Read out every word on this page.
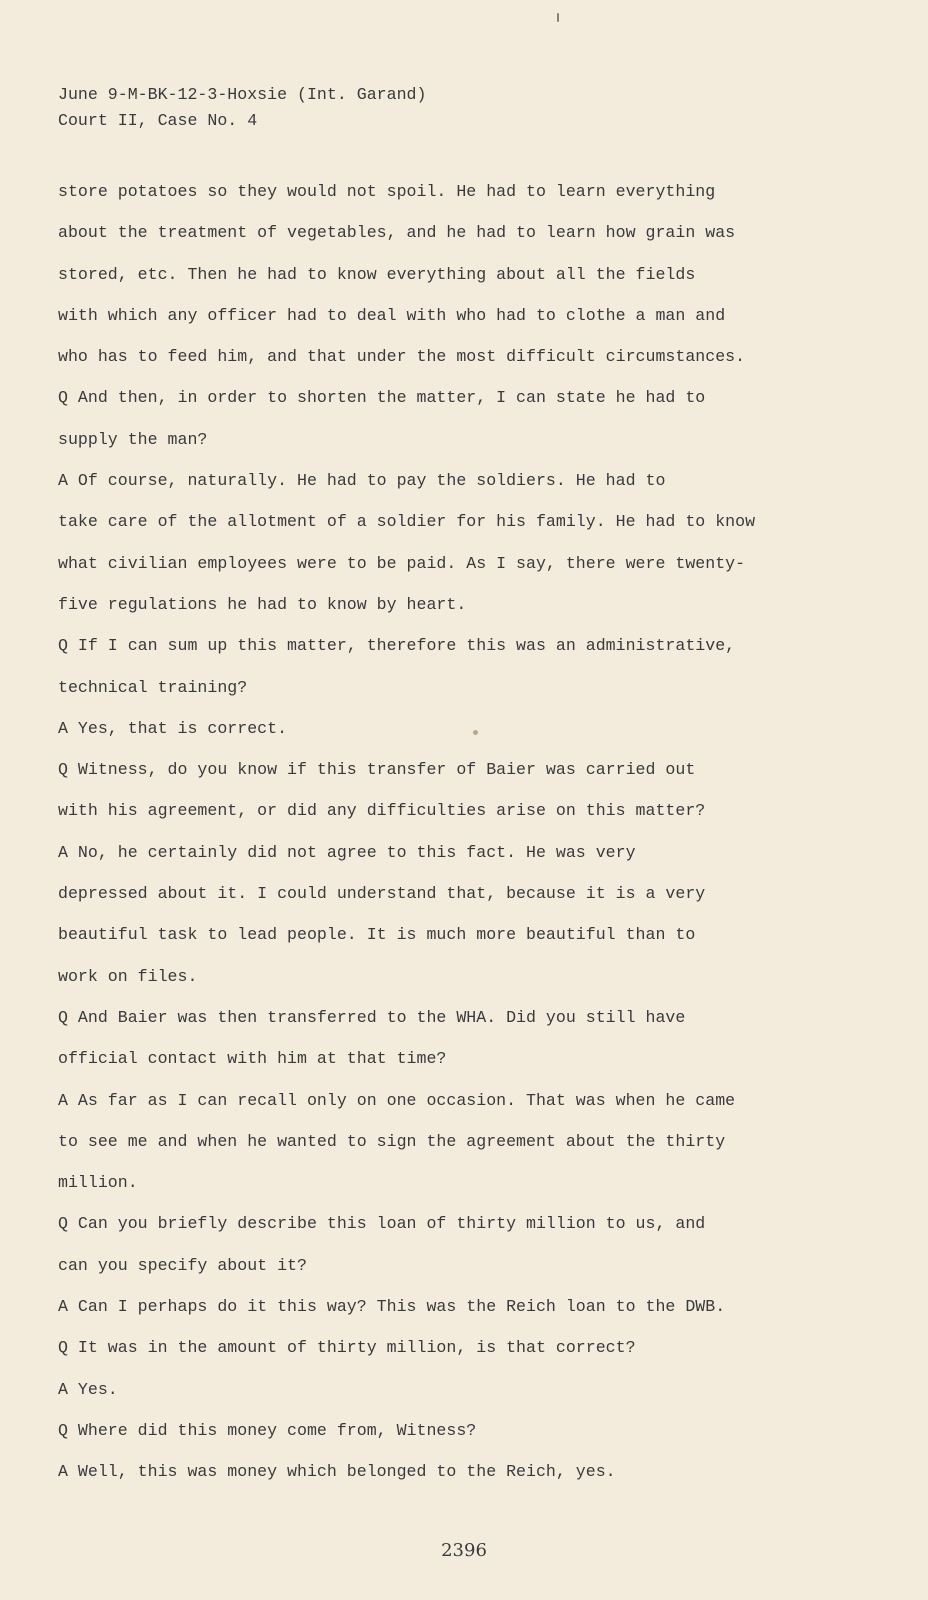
June 9-M-BK-12-3-Hoxsie (Int. Garand)
Court II, Case No. 4
store potatoes so they would not spoil. He had to learn everything
about the treatment of vegetables, and he had to learn how grain was
stored, etc. Then he had to know everything about all the fields
with which any officer had to deal with who had to clothe a man and
who has to feed him, and that under the most difficult circumstances.
Q And then, in order to shorten the matter, I can state he had to
supply the man?
A Of course, naturally. He had to pay the soldiers. He had to
take care of the allotment of a soldier for his family. He had to know
what civilian employees were to be paid. As I say, there were twenty-
five regulations he had to know by heart.
Q If I can sum up this matter, therefore this was an administrative,
technical training?
A Yes, that is correct.
Q Witness, do you know if this transfer of Baier was carried out
with his agreement, or did any difficulties arise on this matter?
A No, he certainly did not agree to this fact. He was very
depressed about it. I could understand that, because it is a very
beautiful task to lead people. It is much more beautiful than to
work on files.
Q And Baier was then transferred to the WHA. Did you still have
official contact with him at that time?
A As far as I can recall only on one occasion. That was when he came
to see me and when he wanted to sign the agreement about the thirty
million.
Q Can you briefly describe this loan of thirty million to us, and
can you specify about it?
A Can I perhaps do it this way? This was the Reich loan to the DWB.
Q It was in the amount of thirty million, is that correct?
A Yes.
Q Where did this money come from, Witness?
A Well, this was money which belonged to the Reich, yes.
2396
